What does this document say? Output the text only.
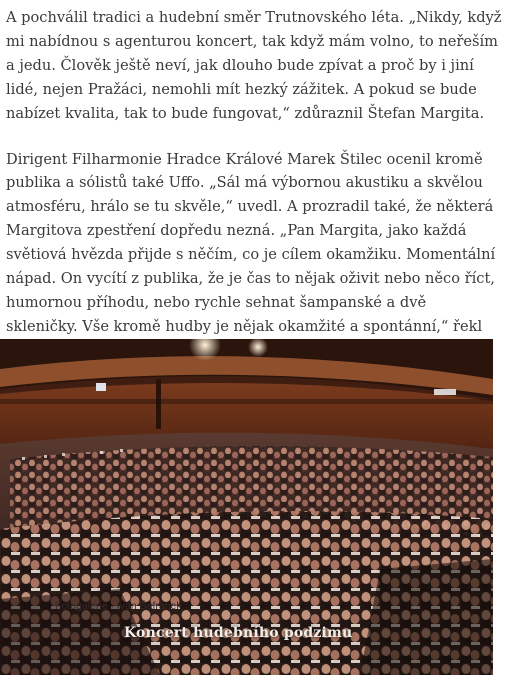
A pochválil tradici a hudební směr Trutnovského léta. „Nikdy, když mi nabídnou s agenturou koncert, tak když mám volno, to neřeším a jedu. Člověk ještě neví, jak dlouho bude zpívat a proč by i jiní lidé, nejen Pražáci, nemohli mít hezký zážitek. A pokud se bude nabízet kvalita, tak to bude fungovat,“ zdůraznil Štefan Margita.

Dirigent Filharmonie Hradce Králové Marek Štilec ocenil kromě publika a sólistů také Uffo. „Sál má výbornou akustiku a skvělou atmosféru, hrálo se tu skvěle,“ uvedl. A prozradil také, že některá Margitova zpestření dopředu nezná. „Pan Margita, jako každá světiová hvězda přijde s něčím, co je cílem okamžiku. Momentální nápad. On vycítí z publika, že je čas to nějak oživit nebo něco říct, humornou příhodu, nebo rychle sehnat šampanské a dvě skleničky. Vše kromě hudby je nějak okamžité a spontánní,“ řekl

Fotogalerie · Ivan Šafránek
Koncert hudebního podzimu
